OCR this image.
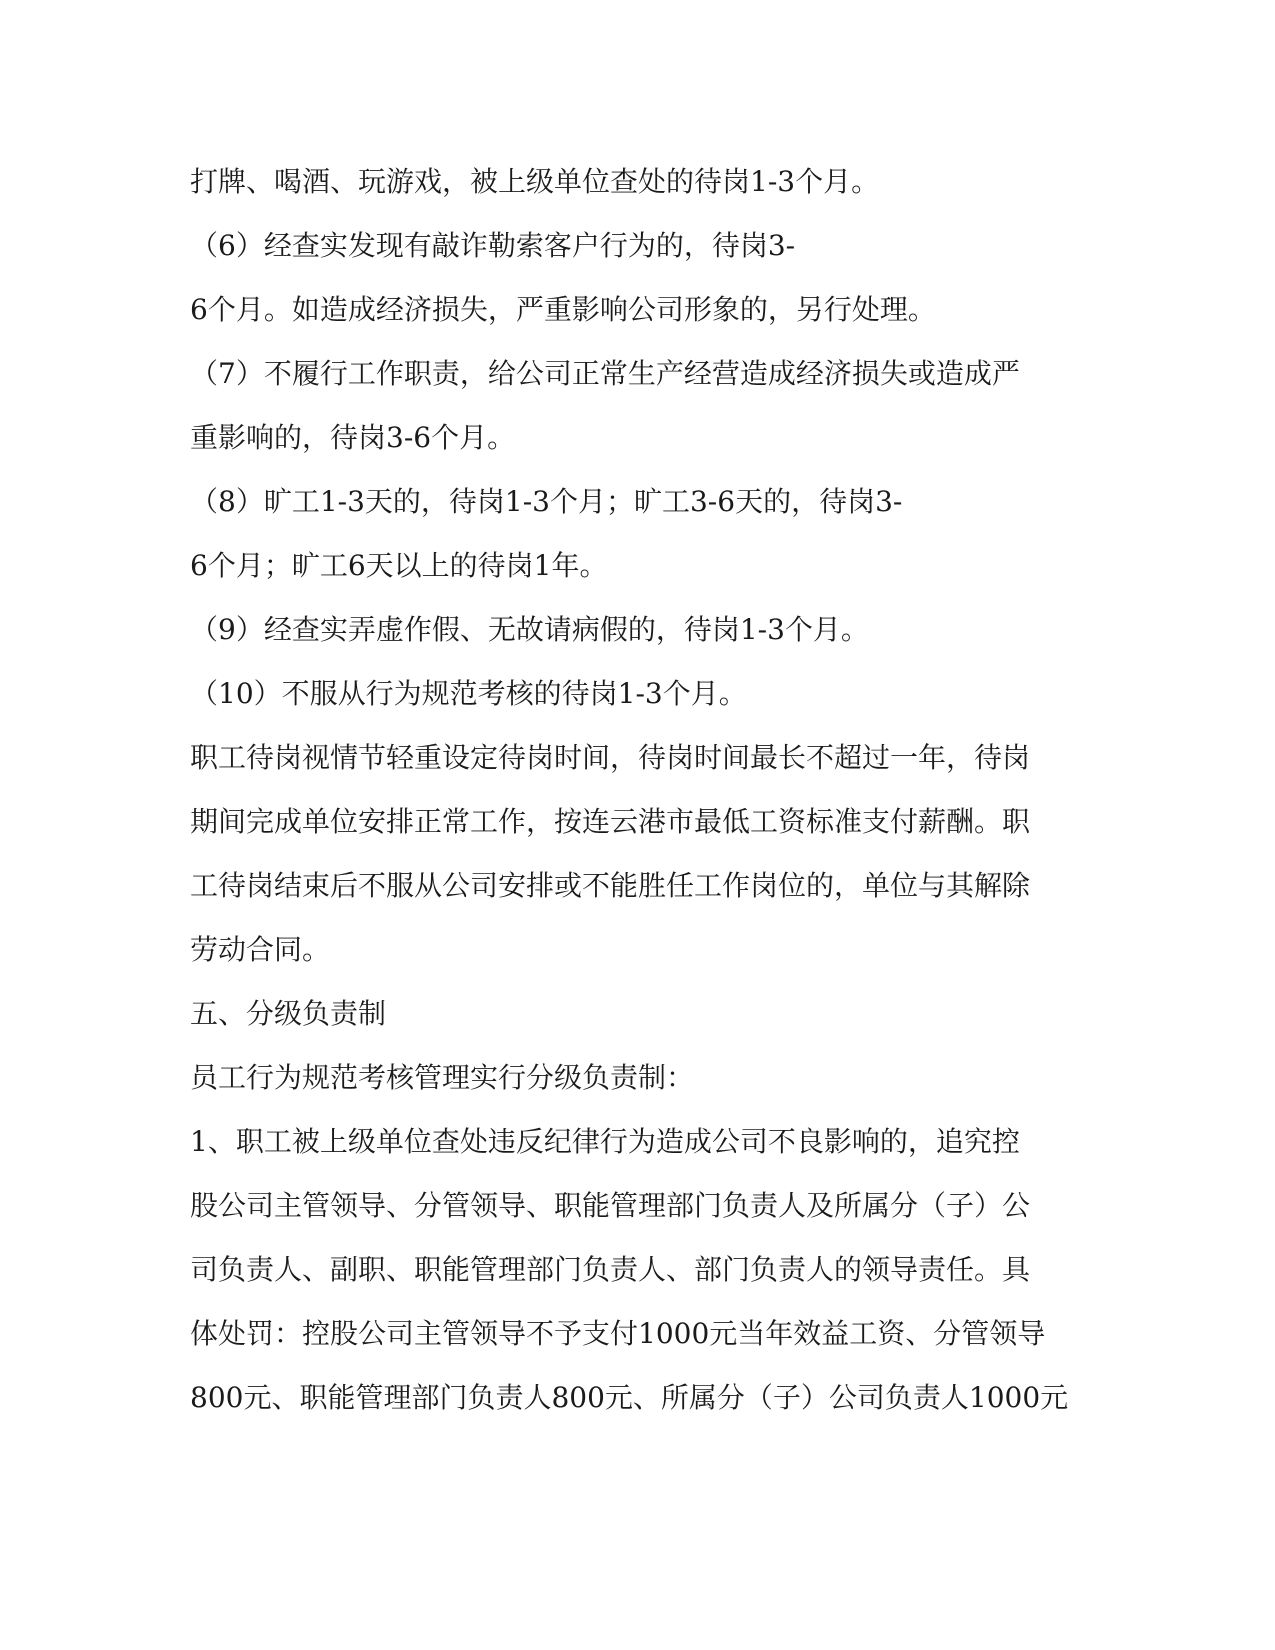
打牌、喝酒、玩游戏，被上级单位查处的待岗1-3个月。
（6）经查实发现有敲诈勒索客户行为的，待岗3-
6个月。如造成经济损失，严重影响公司形象的，另行处理。
（7）不履行工作职责，给公司正常生产经营造成经济损失或造成严
重影响的，待岗3-6个月。
（8）旷工1-3天的，待岗1-3个月；旷工3-6天的，待岗3-
6个月；旷工6天以上的待岗1年。
（9）经查实弄虚作假、无故请病假的，待岗1-3个月。
（10）不服从行为规范考核的待岗1-3个月。
职工待岗视情节轻重设定待岗时间，待岗时间最长不超过一年，待岗
期间完成单位安排正常工作，按连云港市最低工资标准支付薪酬。职
工待岗结束后不服从公司安排或不能胜任工作岗位的，单位与其解除
劳动合同。
五、分级负责制
员工行为规范考核管理实行分级负责制：
1、职工被上级单位查处违反纪律行为造成公司不良影响的，追究控
股公司主管领导、分管领导、职能管理部门负责人及所属分（子）公
司负责人、副职、职能管理部门负责人、部门负责人的领导责任。具
体处罚：控股公司主管领导不予支付1000元当年效益工资、分管领导
800元、职能管理部门负责人800元、所属分（子）公司负责人1000元
